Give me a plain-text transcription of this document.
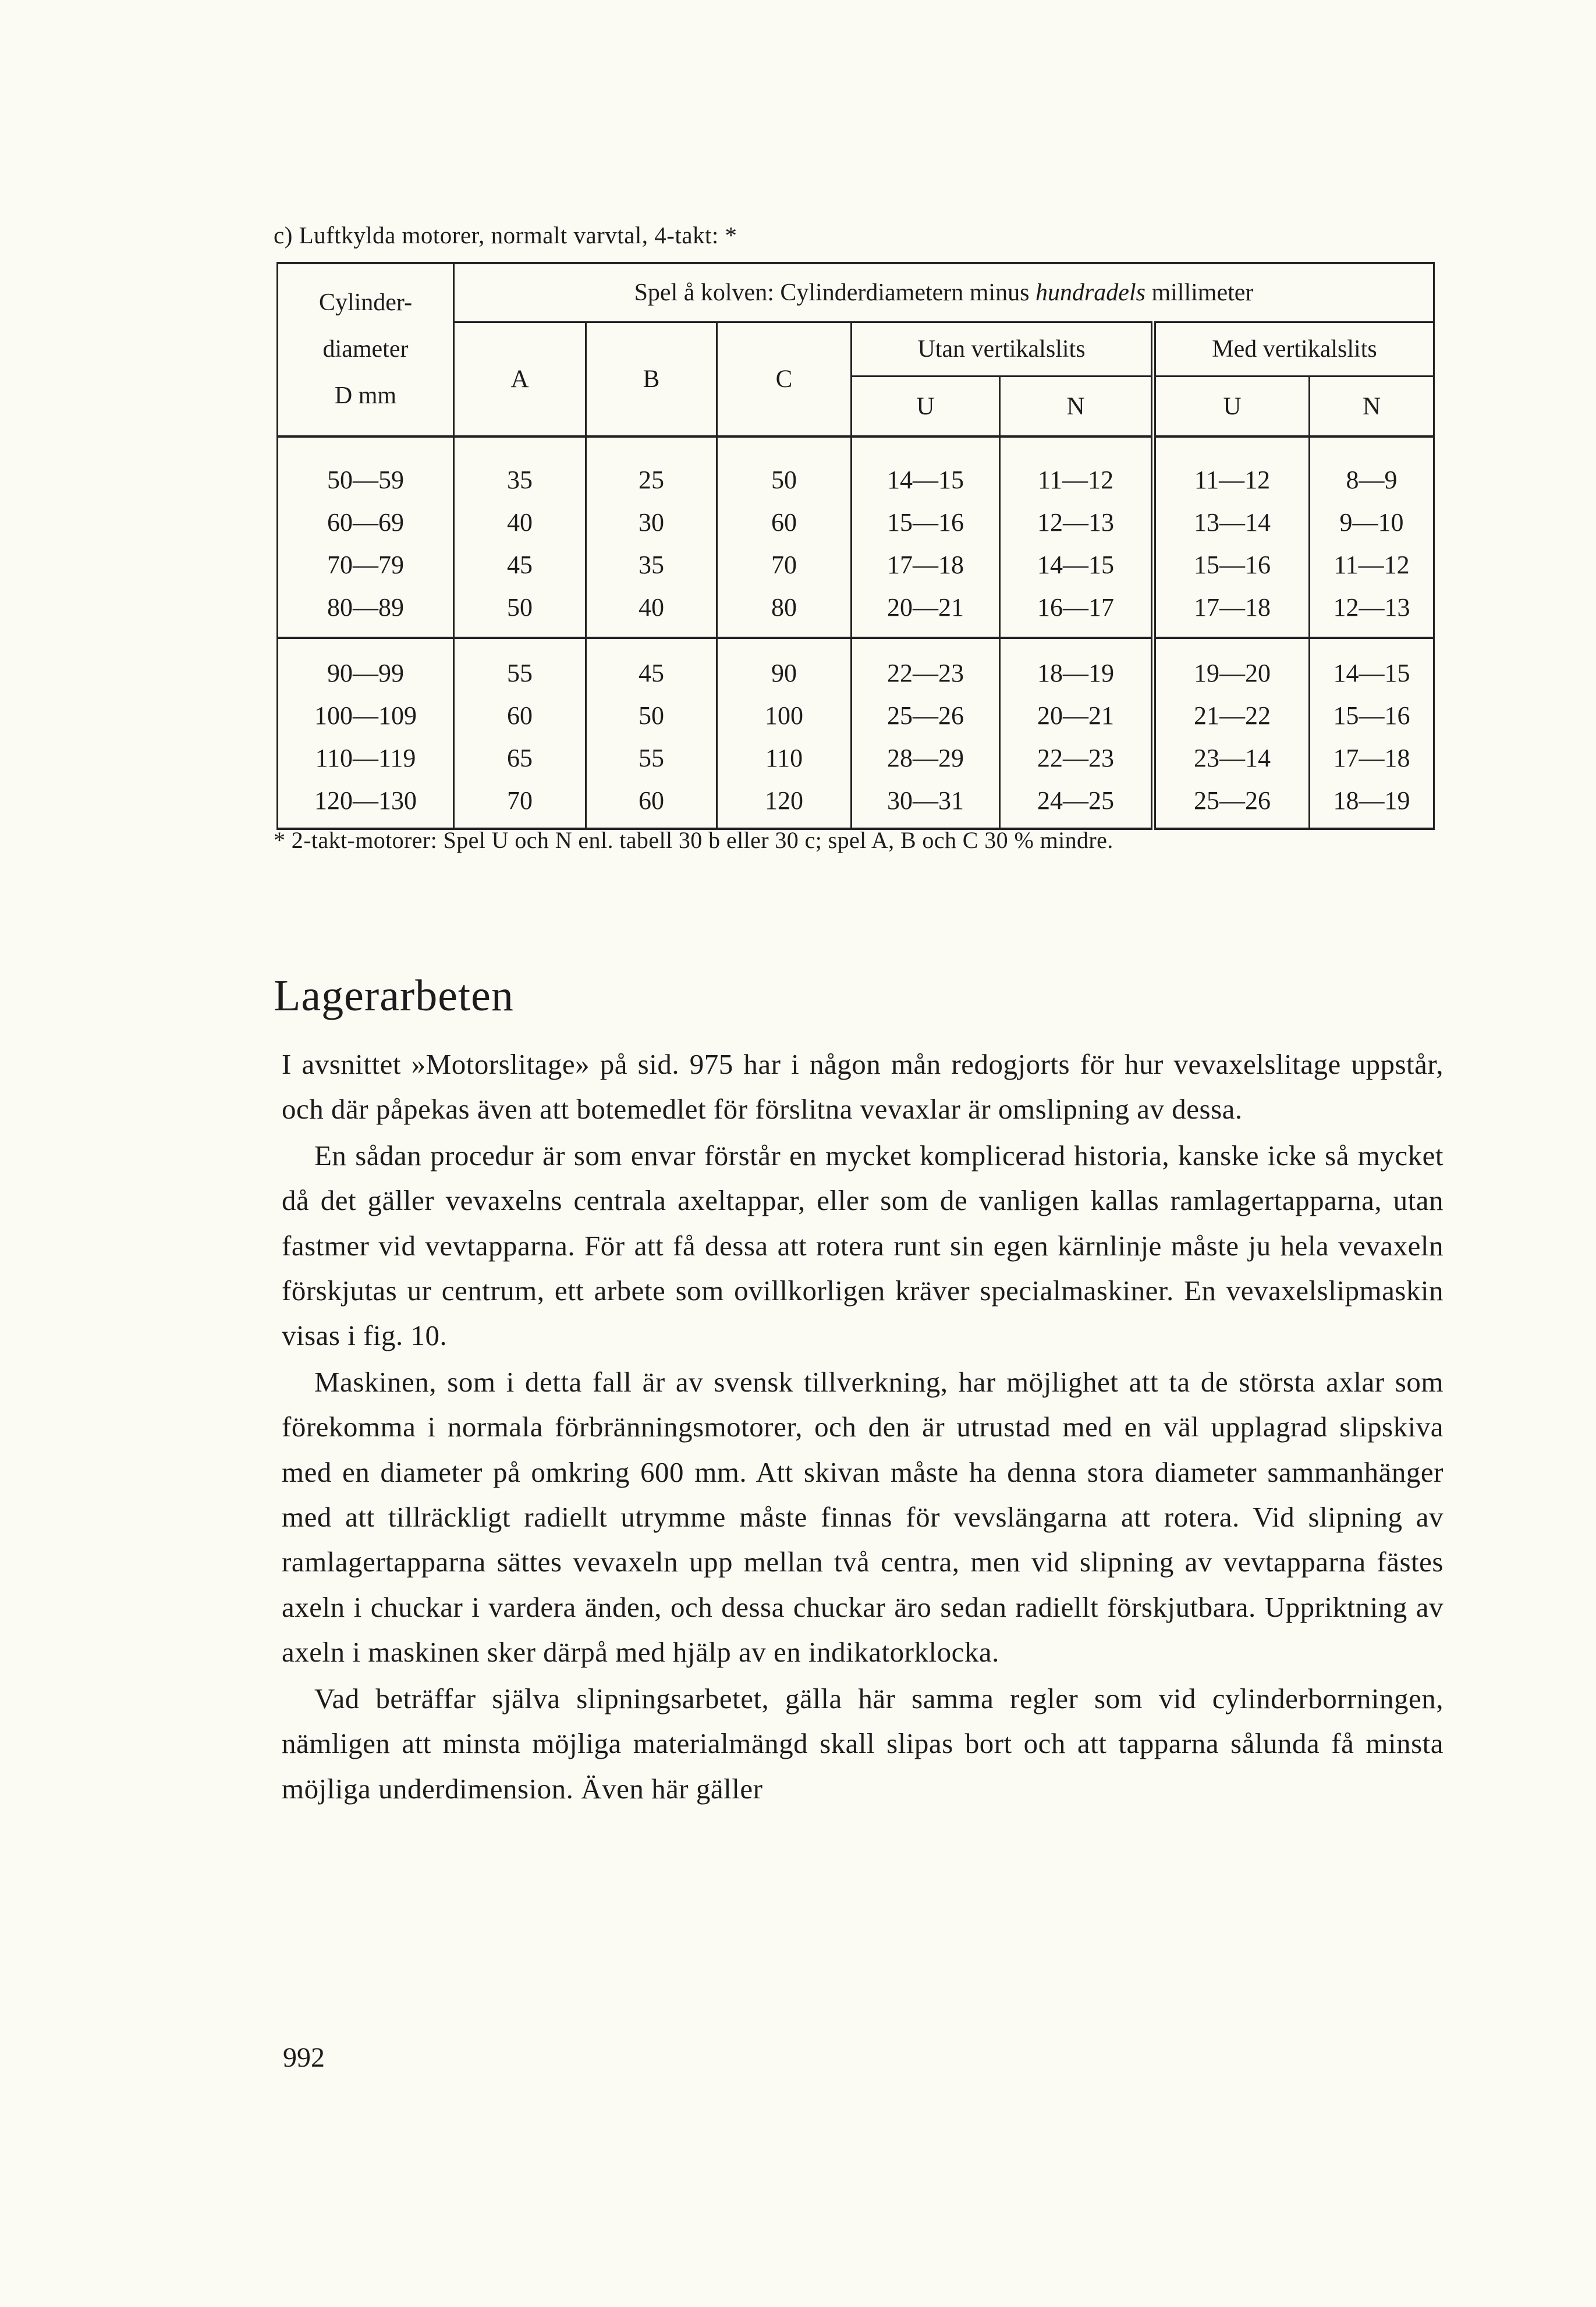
c) Luftkylda motorer, normalt varvtal, 4-takt: *
Cylinder-
diameter
D mm	Spel å kolven: Cylinderdiametern minus hundradels millimeter						
	A	B	C	Utan vertikalslits		Med vertikalslits	
				U	N	U	N
50—59	35	25	50	14—15	11—12	11—12	8—9
60—69	40	30	60	15—16	12—13	13—14	9—10
70—79	45	35	70	17—18	14—15	15—16	11—12
80—89	50	40	80	20—21	16—17	17—18	12—13
90—99	55	45	90	22—23	18—19	19—20	14—15
100—109	60	50	100	25—26	20—21	21—22	15—16
110—119	65	55	110	28—29	22—23	23—14	17—18
120—130	70	60	120	30—31	24—25	25—26	18—19
* 2-takt-motorer: Spel U och N enl. tabell 30 b eller 30 c; spel A, B och C 30 % mindre.
Lagerarbeten

I avsnittet »Motorslitage» på sid. 975 har i någon mån redogjorts för hur vevaxelslitage uppstår, och där påpekas även att botemedlet för förslitna vevaxlar är omslipning av dessa.

En sådan procedur är som envar förstår en mycket komplicerad historia, kanske icke så mycket då det gäller vevaxelns centrala axeltappar, eller som de vanligen kallas ramlagertapparna, utan fastmer vid vevtapparna. För att få dessa att rotera runt sin egen kärnlinje måste ju hela vevaxeln förskjutas ur centrum, ett arbete som ovillkorligen kräver specialmaskiner. En vevaxelslipmaskin visas i fig. 10.

Maskinen, som i detta fall är av svensk tillverkning, har möjlighet att ta de största axlar som förekomma i normala förbränningsmotorer, och den är utrustad med en väl upplagrad slipskiva med en diameter på omkring 600 mm. Att skivan måste ha denna stora diameter sammanhänger med att tillräckligt radiellt utrymme måste finnas för vevslängarna att rotera. Vid slipning av ramlagertapparna sättes vevaxeln upp mellan två centra, men vid slipning av vevtapparna fästes axeln i chuckar i vardera änden, och dessa chuckar äro sedan radiellt förskjutbara. Uppriktning av axeln i maskinen sker därpå med hjälp av en indikatorklocka.

Vad beträffar själva slipningsarbetet, gälla här samma regler som vid cylinderborrningen, nämligen att minsta möjliga materialmängd skall slipas bort och att tapparna sålunda få minsta möjliga underdimension. Även här gäller

992
